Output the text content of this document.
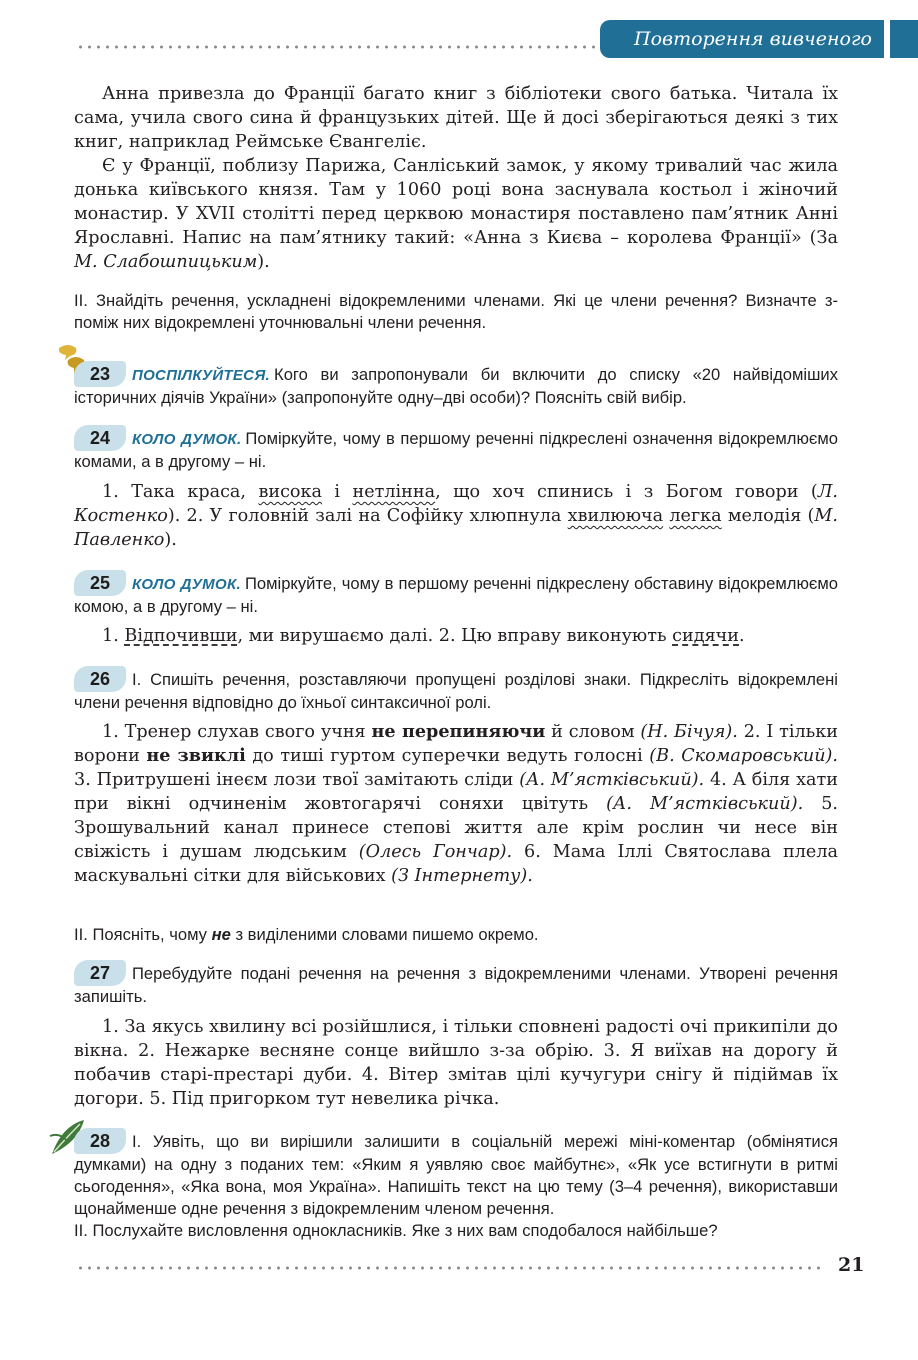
Повторення вивченого

Анна привезла до Франції багато книг з бібліотеки свого батька. Читала їх сама, учила свого сина й французьких дітей. Ще й досі зберігаються деякі з тих книг, наприклад Реймське Євангеліє.

Є у Франції, поблизу Парижа, Санліський замок, у якому тривалий час жила донька київського князя. Там у 1060 році вона заснувала костьол і жіночий монастир. У XVII столітті перед церквою монастиря поставлено пам’ятник Анні Ярославні. Напис на пам’ятнику такий: «Анна з Києва – королева Франції» (За М. Слабошпицьким).

ІІ. Знайдіть речення, ускладнені відокремленими членами. Які це члени речення? Визначте з-поміж них відокремлені уточнювальні члени речення.

23 ПОСПІЛКУЙТЕСЯ. Кого ви запропонували би включити до списку «20 найвідоміших історичних діячів України» (запропонуйте одну–дві особи)? Поясніть свій вибір.

24 КОЛО ДУМОК. Поміркуйте, чому в першому реченні підкреслені означення відокремлюємо комами, а в другому – ні.

1. Така краса, висока і нетлінна, що хоч спинись і з Богом говори (Л. Костенко). 2. У головній залі на Софійку хлюпнула хвилююча легка мелодія (М. Павленко).

25 КОЛО ДУМОК. Поміркуйте, чому в першому реченні підкреслену обставину відокремлюємо комою, а в другому – ні.

1. Відпочивши, ми вирушаємо далі. 2. Цю вправу виконують сидячи.

26 І. Спишіть речення, розставляючи пропущені розділові знаки. Підкресліть відокремлені члени речення відповідно до їхньої синтаксичної ролі.

1. Тренер слухав свого учня не перепиняючи й словом (Н. Бічуя). 2. І тільки ворони не звиклі до тиші гуртом суперечки ведуть голосні (В. Скомаровський). 3. Притрушені інеєм лози твої замітають сліди (А. М’ястківський). 4. А біля хати при вікні одчиненім жовтогарячі соняхи цвітуть (А. М’ястківський). 5. Зрошувальний канал принесе степові життя але крім рослин чи несе він свіжість і душам людським (Олесь Гончар). 6. Мама Іллі Святослава плела маскувальні сітки для військових (З Інтернету).

ІІ. Поясніть, чому не з виділеними словами пишемо окремо.

27 Перебудуйте подані речення на речення з відокремленими членами. Утворені речення запишіть.

1. За якусь хвилину всі розійшлися, і тільки сповнені радості очі прикипіли до вікна. 2. Нежарке весняне сонце вийшло з-за обрію. 3. Я виїхав на дорогу й побачив старі-престарі дуби. 4. Вітер змітав цілі кучугури снігу й підіймав їх догори. 5. Під пригорком тут невелика річка.

28 І. Уявіть, що ви вирішили залишити в соціальній мережі міні-коментар (обмінятися думками) на одну з поданих тем: «Яким я уявляю своє майбутнє», «Як усе встигнути в ритмі сьогодення», «Яка вона, моя Україна». Напишіть текст на цю тему (3–4 речення), використавши щонайменше одне речення з відокремленим членом речення.

ІІ. Послухайте висловлення однокласників. Яке з них вам сподобалося найбільше?

21
